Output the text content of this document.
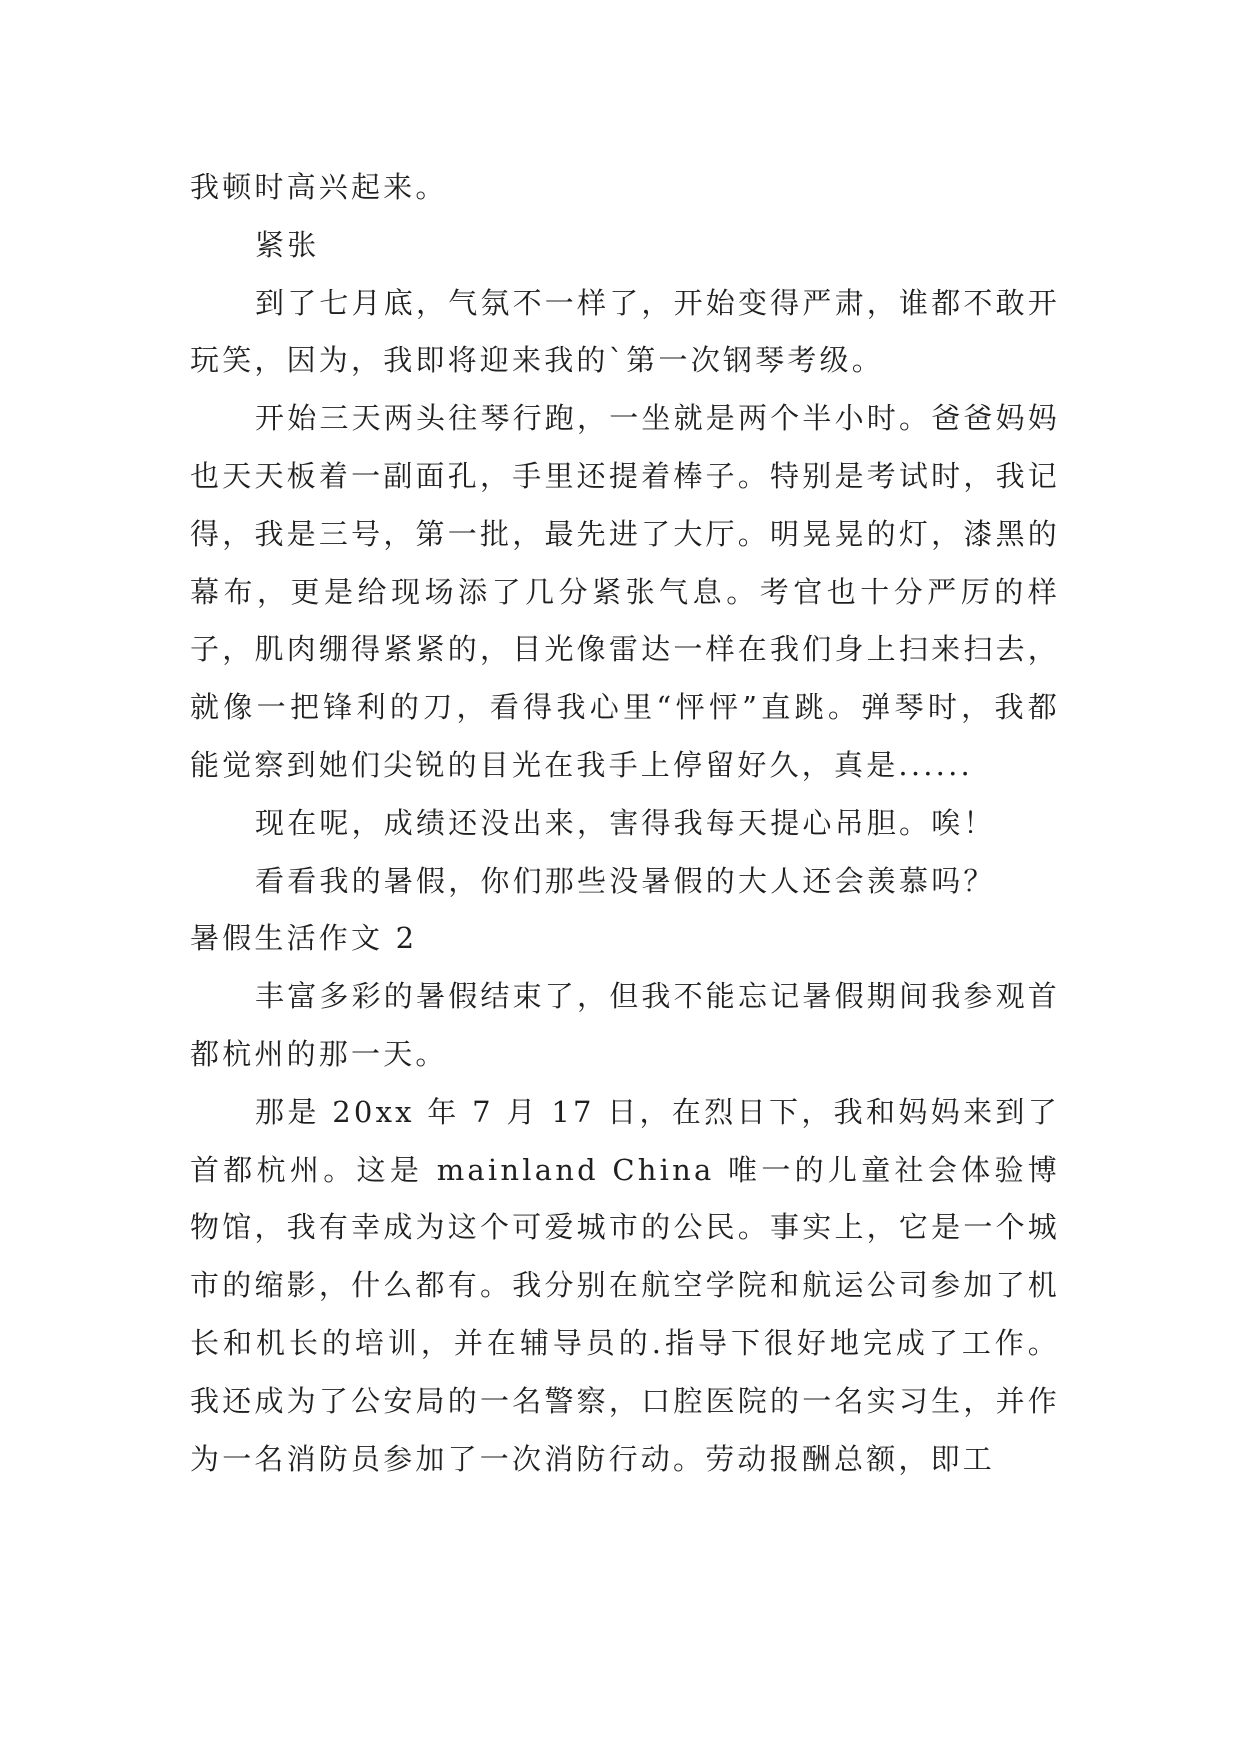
我顿时高兴起来。

紧张

到了七月底，气氛不一样了，开始变得严肃，谁都不敢开玩笑，因为，我即将迎来我的`第一次钢琴考级。

开始三天两头往琴行跑，一坐就是两个半小时。爸爸妈妈也天天板着一副面孔，手里还提着棒子。特别是考试时，我记得，我是三号，第一批，最先进了大厅。明晃晃的灯，漆黑的幕布，更是给现场添了几分紧张气息。考官也十分严厉的样子，肌肉绷得紧紧的，目光像雷达一样在我们身上扫来扫去，就像一把锋利的刀，看得我心里“怦怦”直跳。弹琴时，我都能觉察到她们尖锐的目光在我手上停留好久，真是......

现在呢，成绩还没出来，害得我每天提心吊胆。唉！

看看我的暑假，你们那些没暑假的大人还会羡慕吗？

暑假生活作文 2

丰富多彩的暑假结束了，但我不能忘记暑假期间我参观首都杭州的那一天。

那是 20xx 年 7 月 17 日，在烈日下，我和妈妈来到了首都杭州。这是 mainland China 唯一的儿童社会体验博物馆，我有幸成为这个可爱城市的公民。事实上，它是一个城市的缩影，什么都有。我分别在航空学院和航运公司参加了机长和机长的培训，并在辅导员的.指导下很好地完成了工作。我还成为了公安局的一名警察，口腔医院的一名实习生，并作为一名消防员参加了一次消防行动。劳动报酬总额，即工
